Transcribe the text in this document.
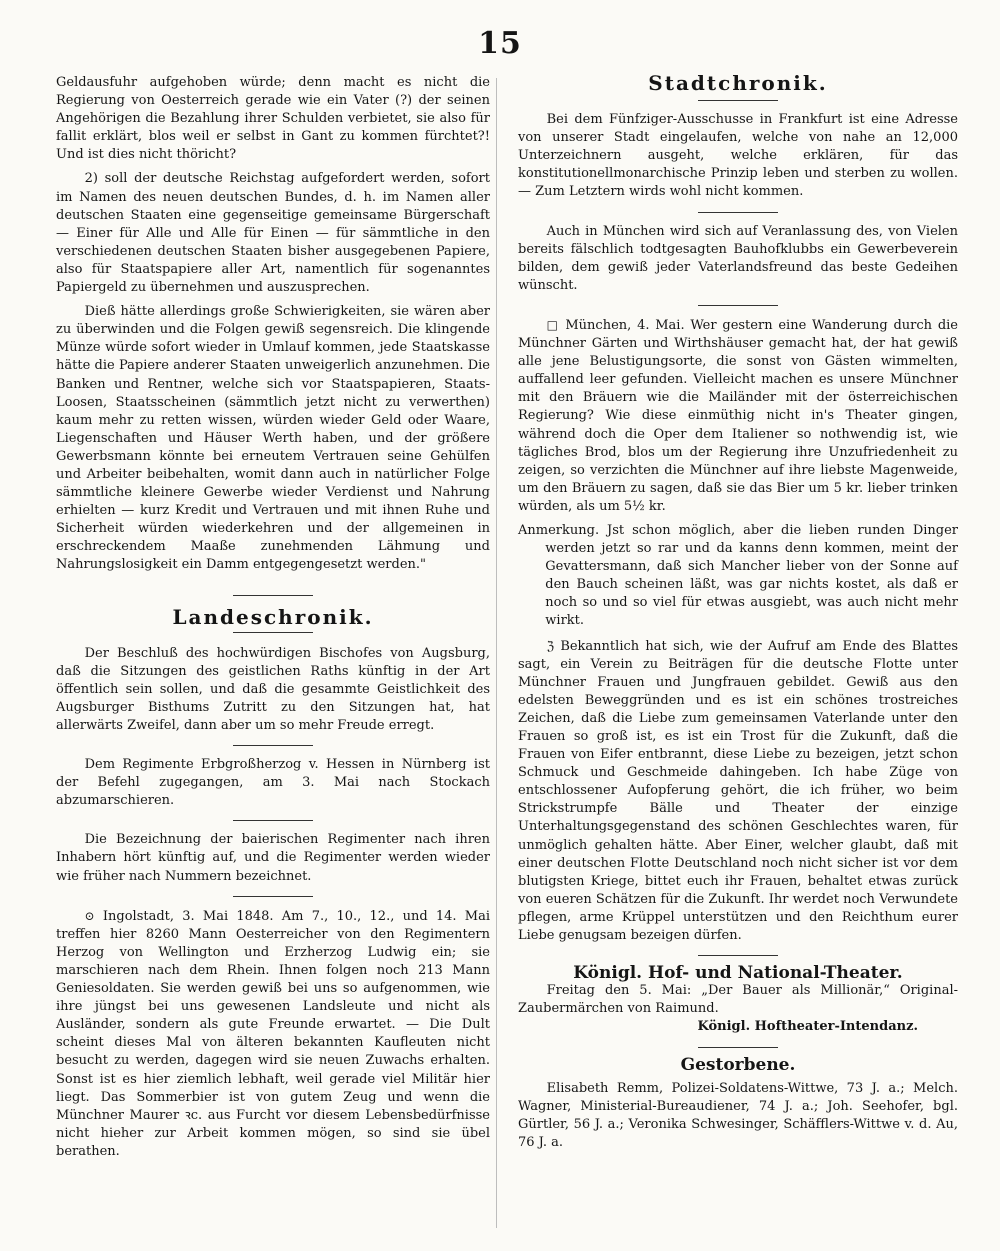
15

Geldausfuhr aufgehoben würde; denn macht es nicht die Regierung von Oesterreich gerade wie ein Vater (?) der seinen Angehörigen die Bezahlung ihrer Schulden verbietet, sie also für fallit erklärt, blos weil er selbst in Gant zu kommen fürchtet?! Und ist dies nicht thöricht?

2) soll der deutsche Reichstag aufgefordert werden, sofort im Namen des neuen deutschen Bundes, d. h. im Namen aller deutschen Staaten eine gegenseitige gemeinsame Bürgerschaft — Einer für Alle und Alle für Einen — für sämmtliche in den verschiedenen deutschen Staaten bisher ausgegebenen Papiere, also für Staatspapiere aller Art, namentlich für sogenanntes Papiergeld zu übernehmen und auszusprechen.

Dieß hätte allerdings große Schwierigkeiten, sie wären aber zu überwinden und die Folgen gewiß segensreich. Die klingende Münze würde sofort wieder in Umlauf kommen, jede Staatskasse hätte die Papiere anderer Staaten unweigerlich anzunehmen. Die Banken und Rentner, welche sich vor Staatspapieren, Staats-Loosen, Staatsscheinen (sämmtlich jetzt nicht zu verwerthen) kaum mehr zu retten wissen, würden wieder Geld oder Waare, Liegenschaften und Häuser Werth haben, und der größere Gewerbsmann könnte bei erneutem Vertrauen seine Gehülfen und Arbeiter beibehalten, womit dann auch in natürlicher Folge sämmtliche kleinere Gewerbe wieder Verdienst und Nahrung erhielten — kurz Kredit und Vertrauen und mit ihnen Ruhe und Sicherheit würden wiederkehren und der allgemeinen in erschreckendem Maaße zunehmenden Lähmung und Nahrungslosigkeit ein Damm entgegengesetzt werden."

Landeschronik.

Der Beschluß des hochwürdigen Bischofes von Augsburg, daß die Sitzungen des geistlichen Raths künftig in der Art öffentlich sein sollen, und daß die gesammte Geistlichkeit des Augsburger Bisthums Zutritt zu den Sitzungen hat, hat allerwärts Zweifel, dann aber um so mehr Freude erregt.

Dem Regimente Erbgroßherzog v. Hessen in Nürnberg ist der Befehl zugegangen, am 3. Mai nach Stockach abzumarschieren.

Die Bezeichnung der baierischen Regimenter nach ihren Inhabern hört künftig auf, und die Regimenter werden wieder wie früher nach Nummern bezeichnet.

⊙ Ingolstadt, 3. Mai 1848. Am 7., 10., 12., und 14. Mai treffen hier 8260 Mann Oesterreicher von den Regimentern Herzog von Wellington und Erzherzog Ludwig ein; sie marschieren nach dem Rhein. Ihnen folgen noch 213 Mann Geniesoldaten. Sie werden gewiß bei uns so aufgenommen, wie ihre jüngst bei uns gewesenen Landsleute und nicht als Ausländer, sondern als gute Freunde erwartet. — Die Dult scheint dieses Mal von älteren bekannten Kaufleuten nicht besucht zu werden, dagegen wird sie neuen Zuwachs erhalten. Sonst ist es hier ziemlich lebhaft, weil gerade viel Militär hier liegt. Das Sommerbier ist von gutem Zeug und wenn die Münchner Maurer ꝛc. aus Furcht vor diesem Lebensbedürfnisse nicht hieher zur Arbeit kommen mögen, so sind sie übel berathen.

Stadtchronik.

Bei dem Fünfziger-Ausschusse in Frankfurt ist eine Adresse von unserer Stadt eingelaufen, welche von nahe an 12,000 Unterzeichnern ausgeht, welche erklären, für das konstitutionellmonarchische Prinzip leben und sterben zu wollen. — Zum Letztern wirds wohl nicht kommen.

Auch in München wird sich auf Veranlassung des, von Vielen bereits fälschlich todtgesagten Bauhofklubbs ein Gewerbeverein bilden, dem gewiß jeder Vaterlandsfreund das beste Gedeihen wünscht.

□ München, 4. Mai. Wer gestern eine Wanderung durch die Münchner Gärten und Wirthshäuser gemacht hat, der hat gewiß alle jene Belustigungsorte, die sonst von Gästen wimmelten, auffallend leer gefunden. Vielleicht machen es unsere Münchner mit den Bräuern wie die Mailänder mit der österreichischen Regierung? Wie diese einmüthig nicht in's Theater gingen, während doch die Oper dem Italiener so nothwendig ist, wie tägliches Brod, blos um der Regierung ihre Unzufriedenheit zu zeigen, so verzichten die Münchner auf ihre liebste Magenweide, um den Bräuern zu sagen, daß sie das Bier um 5 kr. lieber trinken würden, als um 5½ kr.

Anmerkung. Jst schon möglich, aber die lieben runden Dinger werden jetzt so rar und da kanns denn kommen, meint der Gevattersmann, daß sich Mancher lieber von der Sonne auf den Bauch scheinen läßt, was gar nichts kostet, als daß er noch so und so viel für etwas ausgiebt, was auch nicht mehr wirkt.

ℨ Bekanntlich hat sich, wie der Aufruf am Ende des Blattes sagt, ein Verein zu Beiträgen für die deutsche Flotte unter Münchner Frauen und Jungfrauen gebildet. Gewiß aus den edelsten Beweggründen und es ist ein schönes trostreiches Zeichen, daß die Liebe zum gemeinsamen Vaterlande unter den Frauen so groß ist, es ist ein Trost für die Zukunft, daß die Frauen von Eifer entbrannt, diese Liebe zu bezeigen, jetzt schon Schmuck und Geschmeide dahingeben. Ich habe Züge von entschlossener Aufopferung gehört, die ich früher, wo beim Strickstrumpfe Bälle und Theater der einzige Unterhaltungsgegenstand des schönen Geschlechtes waren, für unmöglich gehalten hätte. Aber Einer, welcher glaubt, daß mit einer deutschen Flotte Deutschland noch nicht sicher ist vor dem blutigsten Kriege, bittet euch ihr Frauen, behaltet etwas zurück von eueren Schätzen für die Zukunft. Ihr werdet noch Verwundete pflegen, arme Krüppel unterstützen und den Reichthum eurer Liebe genugsam bezeigen dürfen.

Königl. Hof- und National-Theater.

Freitag den 5. Mai: „Der Bauer als Millionär,“ Original-Zaubermärchen von Raimund.

Königl. Hoftheater-Intendanz.

Gestorbene.

Elisabeth Remm, Polizei-Soldatens-Wittwe, 73 J. a.; Melch. Wagner, Ministerial-Bureaudiener, 74 J. a.; Joh. Seehofer, bgl. Gürtler, 56 J. a.; Veronika Schwesinger, Schäfflers-Wittwe v. d. Au, 76 J. a.
